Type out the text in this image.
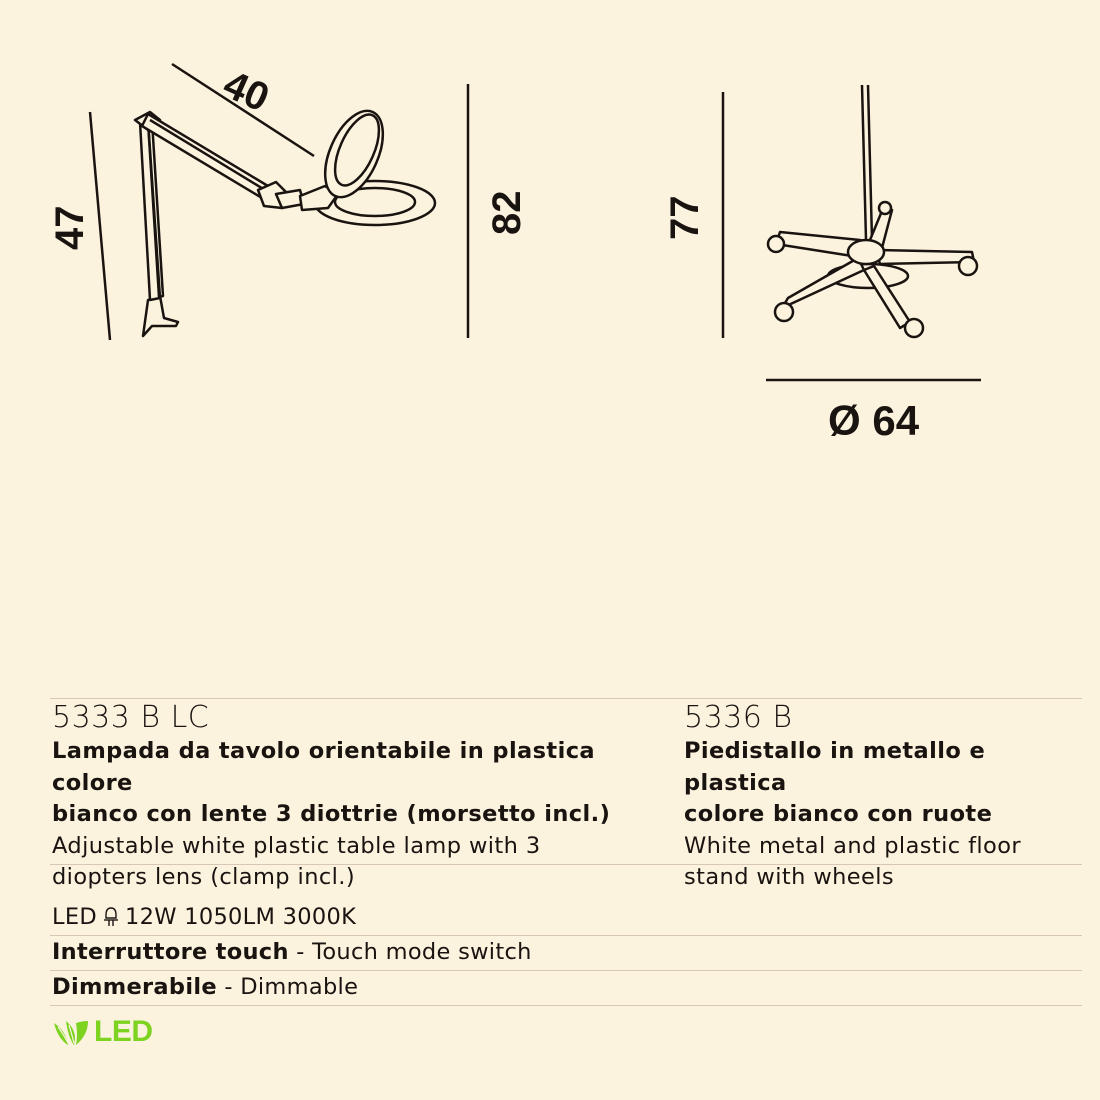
40
47	82	77
Ø 64
5333 B LC
Lampada da tavolo orientabile in plastica colore
bianco con lente 3 diottrie (morsetto incl.)
Adjustable white plastic table lamp with 3
diopters lens (clamp incl.)
5336 B
Piedistallo in metallo e plastica
colore bianco con ruote
White metal and plastic floor
stand with wheels
LED 12W 1050LM 3000K
Interruttore touch - Touch mode switch
Dimmerabile - Dimmable
LED
